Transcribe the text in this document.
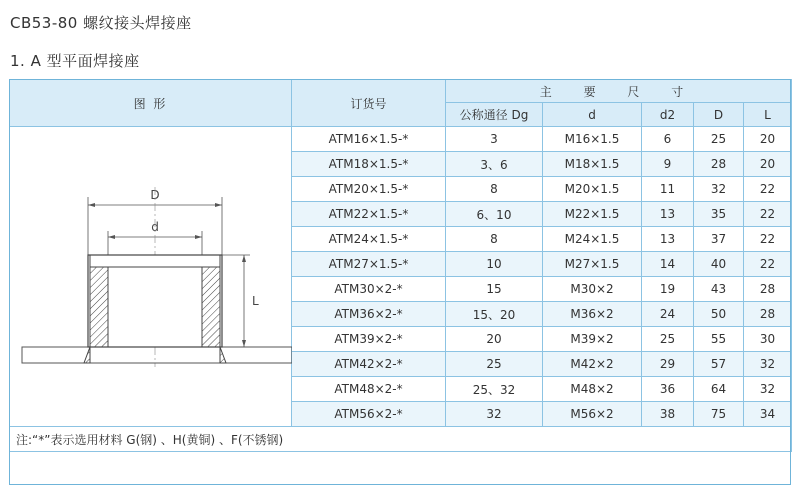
CB53-80 螺纹接头焊接座
1. A 型平面焊接座
图 形	订货号	主 要 尺 寸				
		公称通径 Dg	d	d2	D	L

D
d
L	ATM16×1.5-*	3	M16×1.5	6	25	20
	ATM18×1.5-*	3、6	M18×1.5	9	28	20
	ATM20×1.5-*	8	M20×1.5	11	32	22
	ATM22×1.5-*	6、10	M22×1.5	13	35	22
	ATM24×1.5-*	8	M24×1.5	13	37	22
	ATM27×1.5-*	10	M27×1.5	14	40	22
	ATM30×2-*	15	M30×2	19	43	28
	ATM36×2-*	15、20	M36×2	24	50	28
	ATM39×2-*	20	M39×2	25	55	30
	ATM42×2-*	25	M42×2	29	57	32
	ATM48×2-*	25、32	M48×2	36	64	32
	ATM56×2-*	32	M56×2	38	75	34
注:“*”表示选用材料 G(钢) 、H(黄铜) 、F(不锈钢)						
